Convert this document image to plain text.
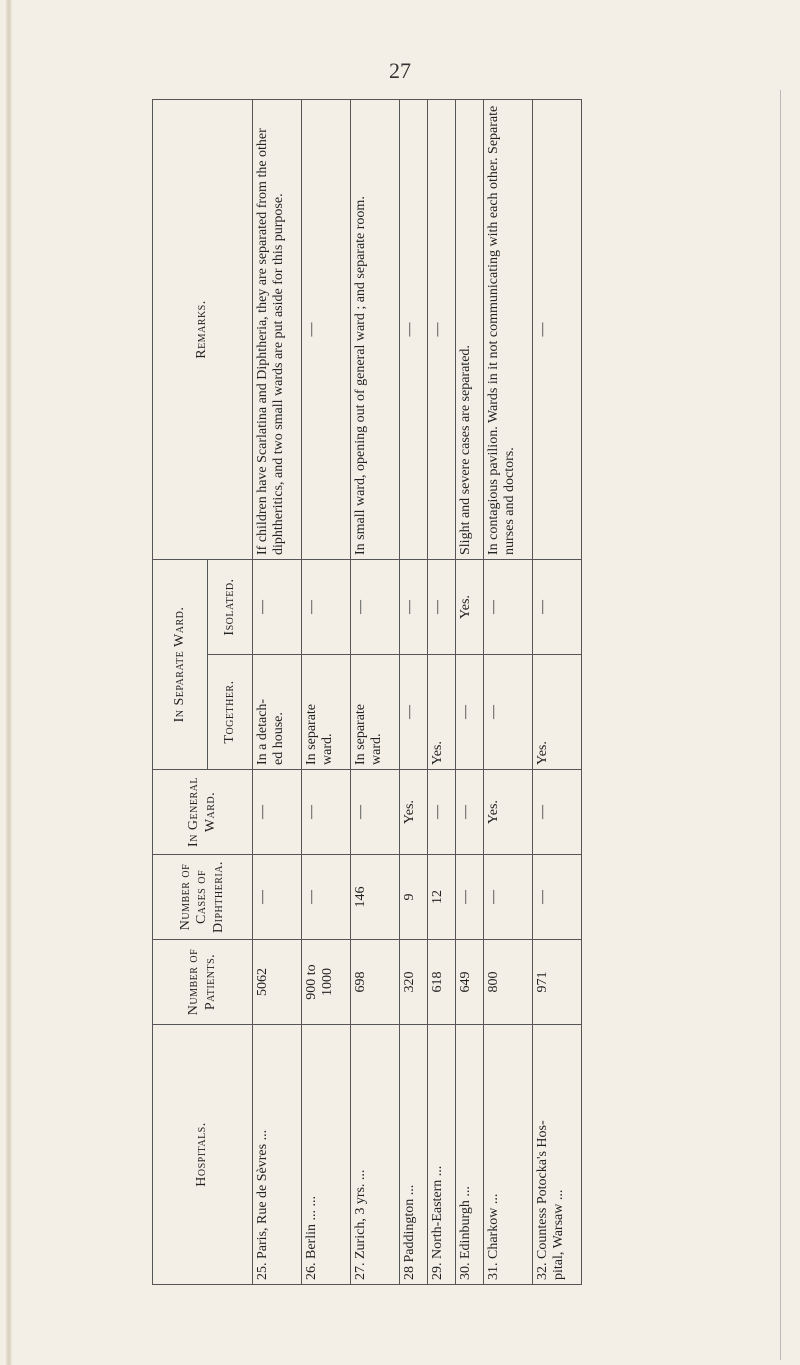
27
Hospitals.	Number of Patients.	Number of Cases of Diphtheria.	In General Ward.	In Separate Ward.		Remarks.
				Together.	Isolated.	
25. Paris, Rue de Sèvres ...	5062	—	—	In a detach-
ed house.	—	If children have Scarlatina and Diphtheria, they are separated from the other diphtheritics, and two small wards are put aside for this purpose.
26. Berlin ... ...	900 to
1000	—	—	In separate
ward.	—	—

27. Zurich, 3 yrs. ...	698	146	—	In separate
ward.	—	In small ward, opening out of general ward ; and separate room.
28 Paddington ...	320	9	Yes.	—	—	—

29. North-Eastern ...	618	12	—	Yes.	—	—

30. Edinburgh ...	649	—	—	—	Yes.	Slight and severe cases are separated.
31. Charkow ...	800	—	Yes.	—	—	In contagious pavilion. Wards in it not communicating with each other. Separate nurses and doctors.
32. Countess Potocka's Hos-
pital, Warsaw ...	971	—	—	Yes.	—	—
